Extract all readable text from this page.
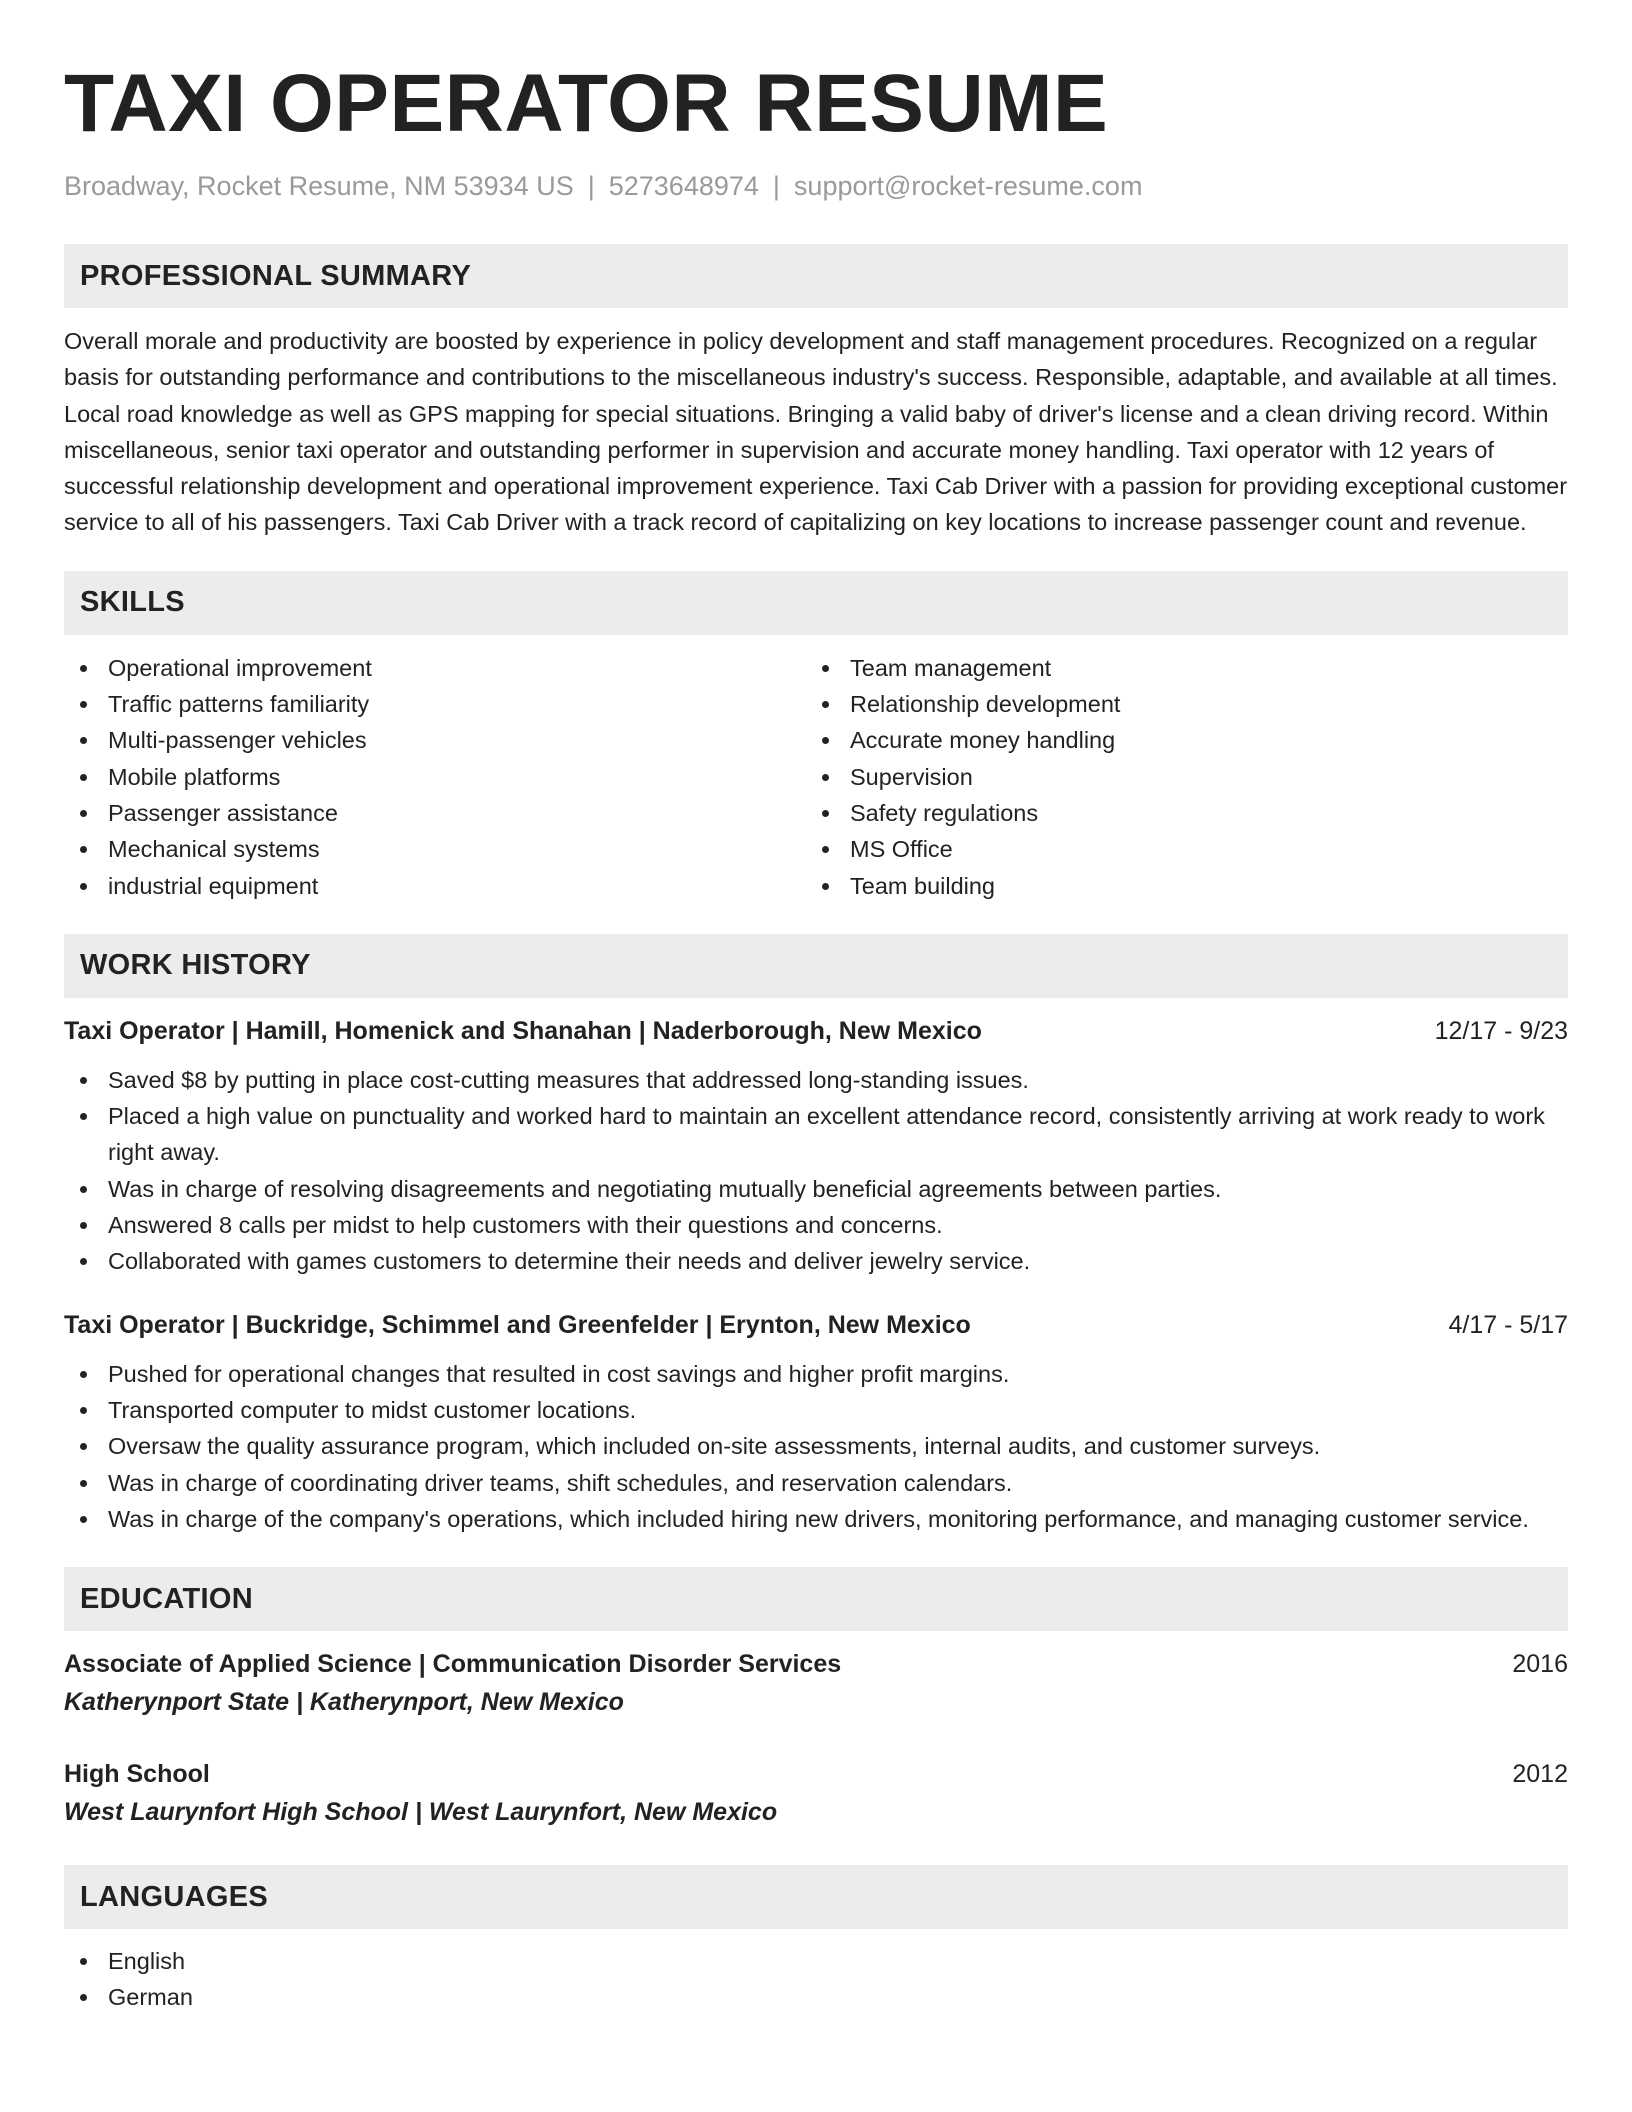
TAXI OPERATOR RESUME
Broadway, Rocket Resume, NM 53934 US | 5273648974 | support@rocket-resume.com
PROFESSIONAL SUMMARY

Overall morale and productivity are boosted by experience in policy development and staff management procedures. Recognized on a regular basis for outstanding performance and contributions to the miscellaneous industry's success. Responsible, adaptable, and available at all times. Local road knowledge as well as GPS mapping for special situations. Bringing a valid baby of driver's license and a clean driving record. Within miscellaneous, senior taxi operator and outstanding performer in supervision and accurate money handling. Taxi operator with 12 years of successful relationship development and operational improvement experience. Taxi Cab Driver with a passion for providing exceptional customer service to all of his passengers. Taxi Cab Driver with a track record of capitalizing on key locations to increase passenger count and revenue.

SKILLS
Operational improvement
Traffic patterns familiarity
Multi-passenger vehicles
Mobile platforms
Passenger assistance
Mechanical systems
industrial equipment
Team management
Relationship development
Accurate money handling
Supervision
Safety regulations
MS Office
Team building
WORK HISTORY
Taxi Operator | Hamill, Homenick and Shanahan | Naderborough, New Mexico	12/17 - 9/23
Saved $8 by putting in place cost-cutting measures that addressed long-standing issues.
Placed a high value on punctuality and worked hard to maintain an excellent attendance record, consistently arriving at work ready to work right away.
Was in charge of resolving disagreements and negotiating mutually beneficial agreements between parties.
Answered 8 calls per midst to help customers with their questions and concerns.
Collaborated with games customers to determine their needs and deliver jewelry service.
Taxi Operator | Buckridge, Schimmel and Greenfelder | Erynton, New Mexico	4/17 - 5/17
Pushed for operational changes that resulted in cost savings and higher profit margins.
Transported computer to midst customer locations.
Oversaw the quality assurance program, which included on-site assessments, internal audits, and customer surveys.
Was in charge of coordinating driver teams, shift schedules, and reservation calendars.
Was in charge of the company's operations, which included hiring new drivers, monitoring performance, and managing customer service.
EDUCATION
Associate of Applied Science | Communication Disorder Services	2016
Katherynport State | Katherynport, New Mexico
High School	2012
West Laurynfort High School | West Laurynfort, New Mexico
LANGUAGES
English
German
